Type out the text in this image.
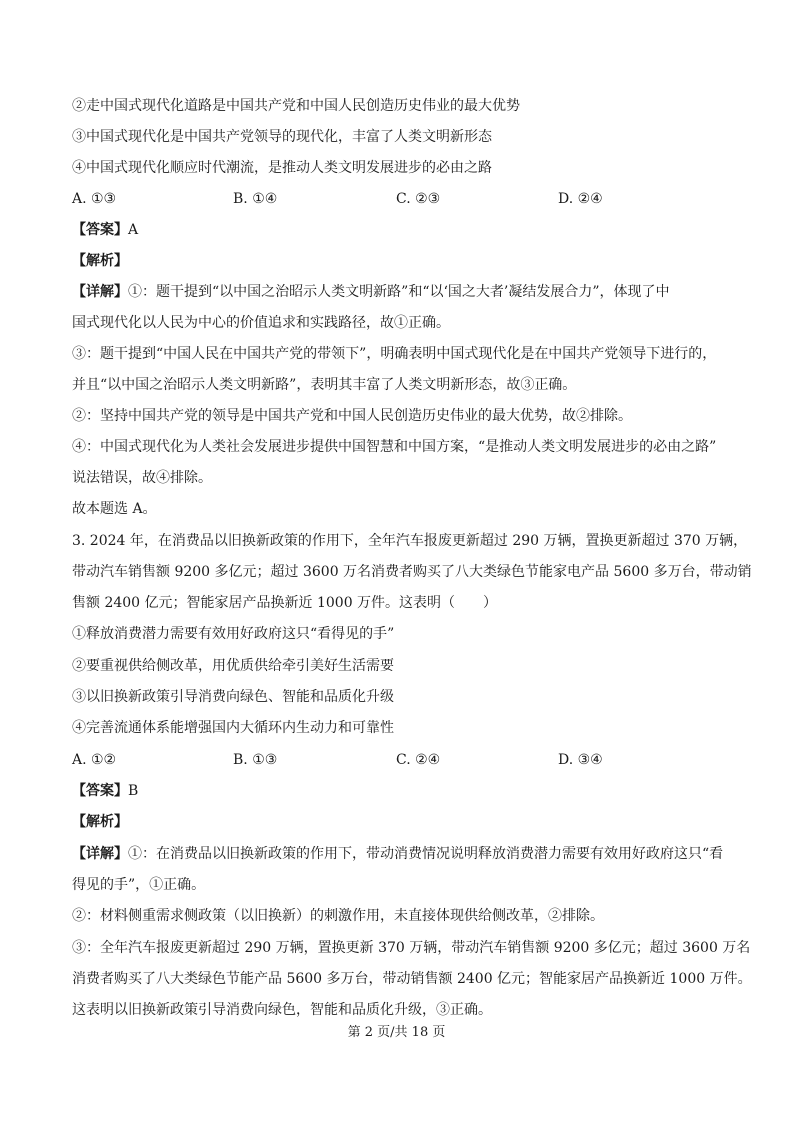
②走中国式现代化道路是中国共产党和中国人民创造历史伟业的最大优势
③中国式现代化是中国共产党领导的现代化，丰富了人类文明新形态
④中国式现代化顺应时代潮流，是推动人类文明发展进步的必由之路
A. ①③	B. ①④	C. ②③	D. ②④
【答案】A
【解析】
【详解】①：题干提到“以中国之治昭示人类文明新路”和“以‘国之大者’凝结发展合力”，体现了中
国式现代化以人民为中心的价值追求和实践路径，故①正确。
③：题干提到“中国人民在中国共产党的带领下”，明确表明中国式现代化是在中国共产党领导下进行的，
并且“以中国之治昭示人类文明新路”，表明其丰富了人类文明新形态，故③正确。
②：坚持中国共产党的领导是中国共产党和中国人民创造历史伟业的最大优势，故②排除。
④：中国式现代化为人类社会发展进步提供中国智慧和中国方案，“是推动人类文明发展进步的必由之路”
说法错误，故④排除。
故本题选 A。
3. 2024 年，在消费品以旧换新政策的作用下，全年汽车报废更新超过 290 万辆，置换更新超过 370 万辆，
带动汽车销售额 9200 多亿元；超过 3600 万名消费者购买了八大类绿色节能家电产品 5600 多万台，带动销
售额 2400 亿元；智能家居产品换新近 1000 万件。这表明（　　）
①释放消费潜力需要有效用好政府这只“看得见的手”
②要重视供给侧改革，用优质供给牵引美好生活需要
③以旧换新政策引导消费向绿色、智能和品质化升级
④完善流通体系能增强国内大循环内生动力和可靠性
A. ①②	B. ①③	C. ②④	D. ③④
【答案】B
【解析】
【详解】①：在消费品以旧换新政策的作用下，带动消费情况说明释放消费潜力需要有效用好政府这只“看
得见的手”，①正确。
②：材料侧重需求侧政策（以旧换新）的刺激作用，未直接体现供给侧改革，②排除。
③：全年汽车报废更新超过 290 万辆，置换更新 370 万辆，带动汽车销售额 9200 多亿元；超过 3600 万名
消费者购买了八大类绿色节能产品 5600 多万台，带动销售额 2400 亿元；智能家居产品换新近 1000 万件。
这表明以旧换新政策引导消费向绿色，智能和品质化升级，③正确。
第 2 页/共 18 页
